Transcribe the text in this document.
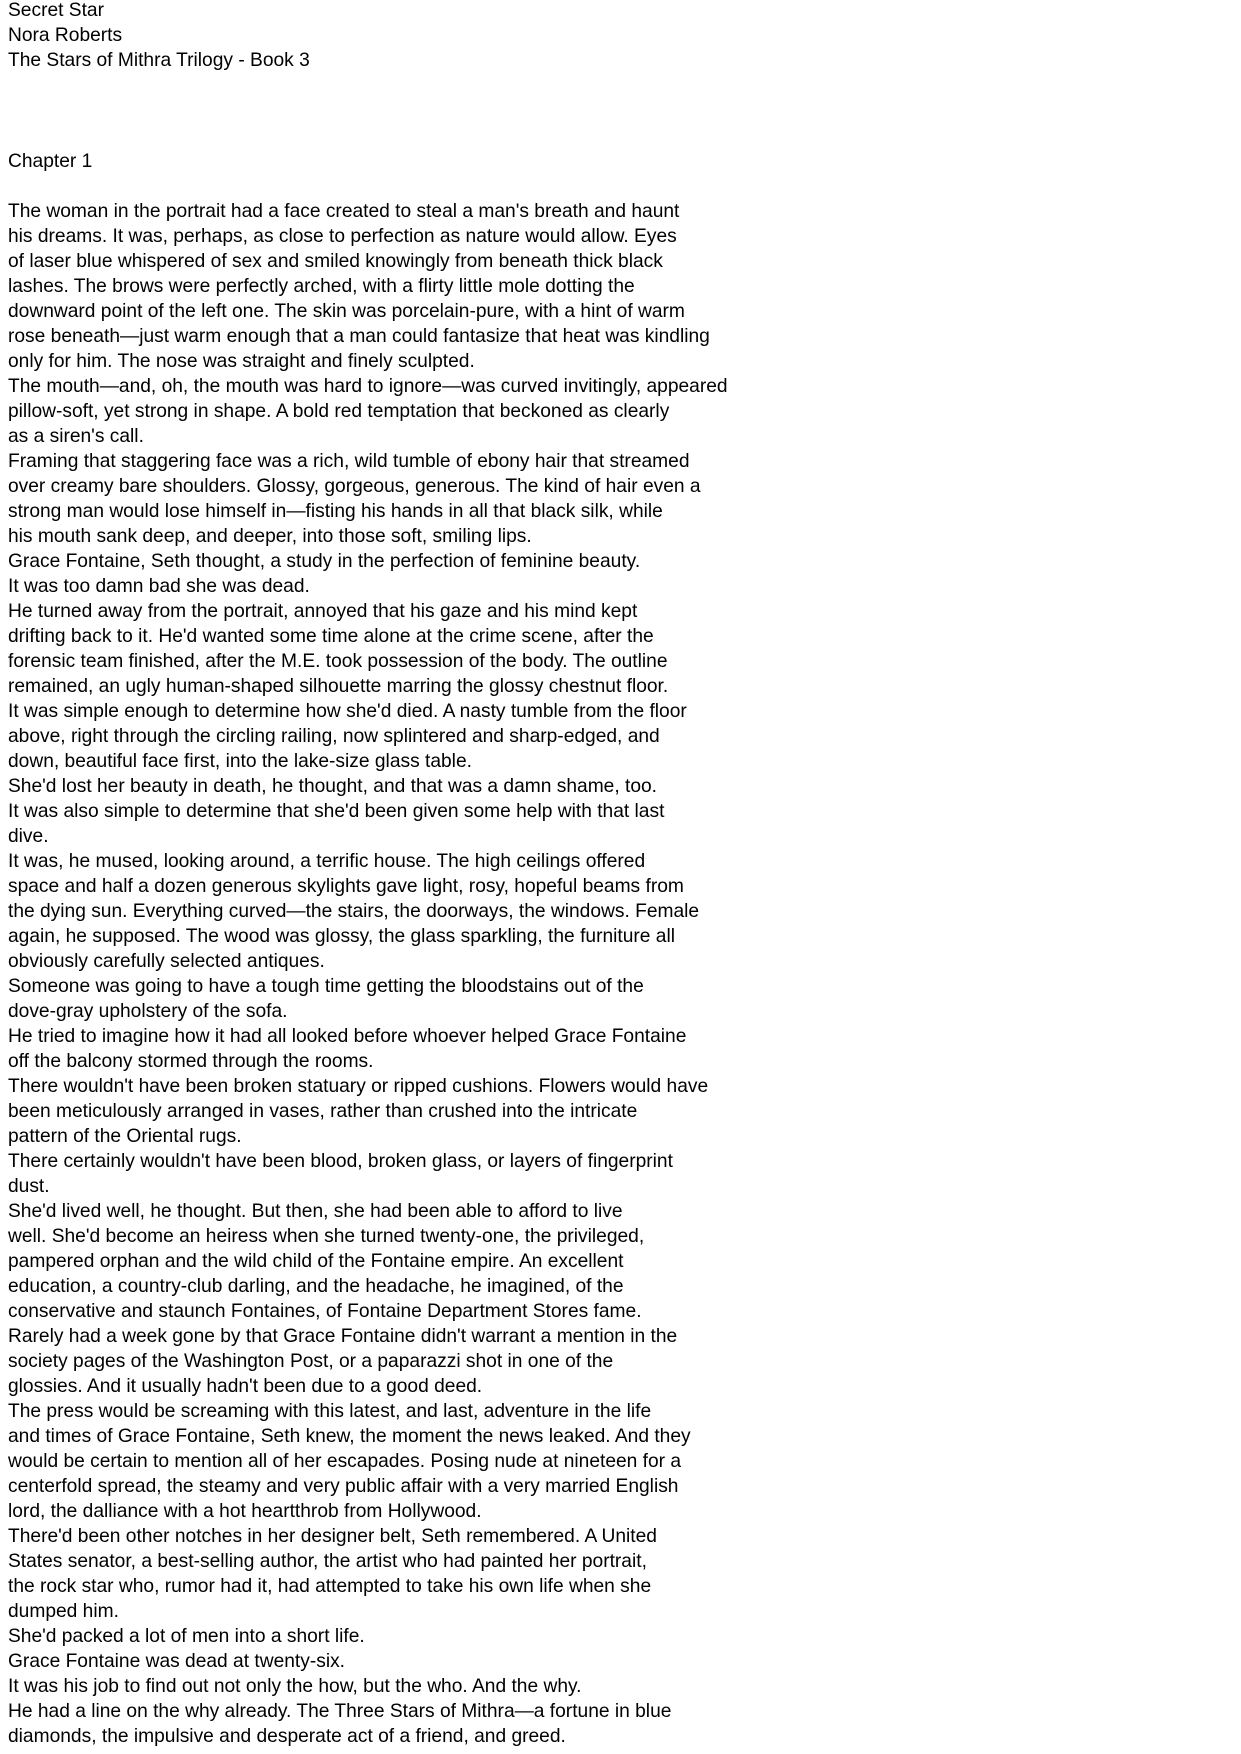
Secret Star
Nora Roberts
The Stars of Mithra Trilogy - Book 3
Chapter 1
The woman in the portrait had a face created to steal a man's breath and haunt
his dreams. It was, perhaps, as close to perfection as nature would allow. Eyes
of laser blue whispered of sex and smiled knowingly from beneath thick black
lashes. The brows were perfectly arched, with a flirty little mole dotting the
downward point of the left one. The skin was porcelain-pure, with a hint of warm
rose beneath—just warm enough that a man could fantasize that heat was kindling
only for him. The nose was straight and finely sculpted.
The mouth—and, oh, the mouth was hard to ignore—was curved invitingly, appeared
pillow-soft, yet strong in shape. A bold red temptation that beckoned as clearly
as a siren's call.
Framing that staggering face was a rich, wild tumble of ebony hair that streamed
over creamy bare shoulders. Glossy, gorgeous, generous. The kind of hair even a
strong man would lose himself in—fisting his hands in all that black silk, while
his mouth sank deep, and deeper, into those soft, smiling lips.
Grace Fontaine, Seth thought, a study in the perfection of feminine beauty.
It was too damn bad she was dead.
He turned away from the portrait, annoyed that his gaze and his mind kept
drifting back to it. He'd wanted some time alone at the crime scene, after the
forensic team finished, after the M.E. took possession of the body. The outline
remained, an ugly human-shaped silhouette marring the glossy chestnut floor.
It was simple enough to determine how she'd died. A nasty tumble from the floor
above, right through the circling railing, now splintered and sharp-edged, and
down, beautiful face first, into the lake-size glass table.
She'd lost her beauty in death, he thought, and that was a damn shame, too.
It was also simple to determine that she'd been given some help with that last
dive.
It was, he mused, looking around, a terrific house. The high ceilings offered
space and half a dozen generous skylights gave light, rosy, hopeful beams from
the dying sun. Everything curved—the stairs, the doorways, the windows. Female
again, he supposed. The wood was glossy, the glass sparkling, the furniture all
obviously carefully selected antiques.
Someone was going to have a tough time getting the bloodstains out of the
dove-gray upholstery of the sofa.
He tried to imagine how it had all looked before whoever helped Grace Fontaine
off the balcony stormed through the rooms.
There wouldn't have been broken statuary or ripped cushions. Flowers would have
been meticulously arranged in vases, rather than crushed into the intricate
pattern of the Oriental rugs.
There certainly wouldn't have been blood, broken glass, or layers of fingerprint
dust.
She'd lived well, he thought. But then, she had been able to afford to live
well. She'd become an heiress when she turned twenty-one, the privileged,
pampered orphan and the wild child of the Fontaine empire. An excellent
education, a country-club darling, and the headache, he imagined, of the
conservative and staunch Fontaines, of Fontaine Department Stores fame.
Rarely had a week gone by that Grace Fontaine didn't warrant a mention in the
society pages of the Washington Post, or a paparazzi shot in one of the
glossies. And it usually hadn't been due to a good deed.
The press would be screaming with this latest, and last, adventure in the life
and times of Grace Fontaine, Seth knew, the moment the news leaked. And they
would be certain to mention all of her escapades. Posing nude at nineteen for a
centerfold spread, the steamy and very public affair with a very married English
lord, the dalliance with a hot heartthrob from Hollywood.
There'd been other notches in her designer belt, Seth remembered. A United
States senator, a best-selling author, the artist who had painted her portrait,
the rock star who, rumor had it, had attempted to take his own life when she
dumped him.
She'd packed a lot of men into a short life.
Grace Fontaine was dead at twenty-six.
It was his job to find out not only the how, but the who. And the why.
He had a line on the why already. The Three Stars of Mithra—a fortune in blue
diamonds, the impulsive and desperate act of a friend, and greed.
